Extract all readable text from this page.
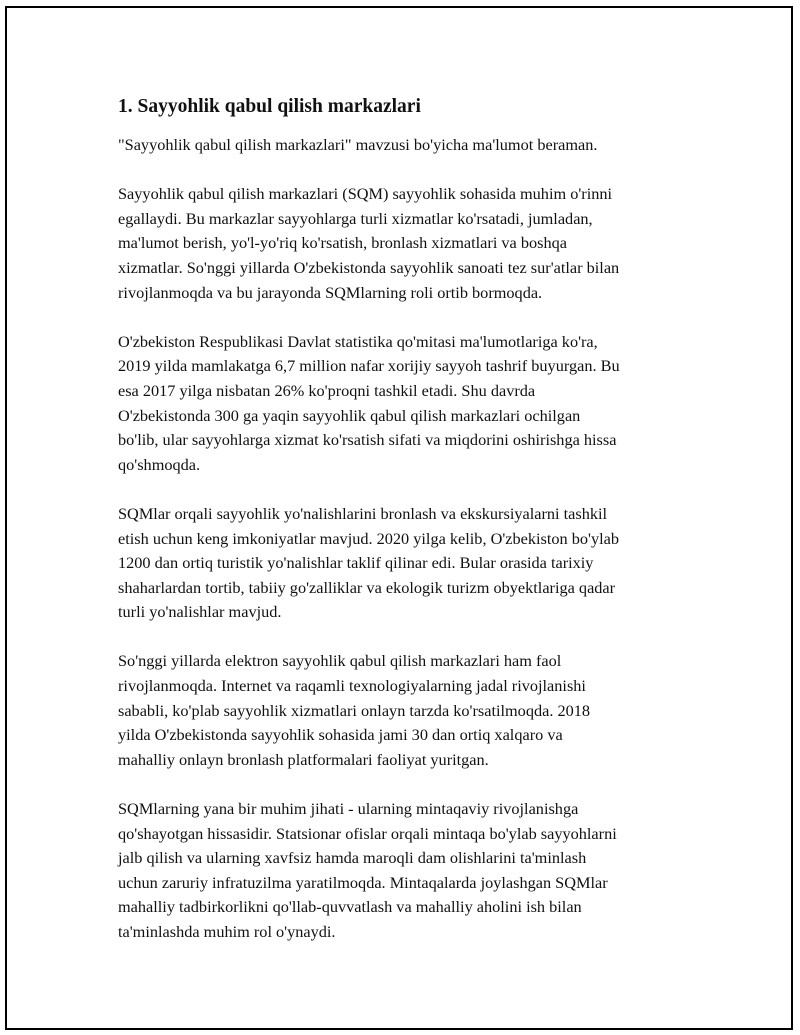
1. Sayyohlik qabul qilish markazlari

"Sayyohlik qabul qilish markazlari" mavzusi bo'yicha ma'lumot beraman.

Sayyohlik qabul qilish markazlari (SQM) sayyohlik sohasida muhim o'rinni
egallaydi. Bu markazlar sayyohlarga turli xizmatlar ko'rsatadi, jumladan,
ma'lumot berish, yo'l-yo'riq ko'rsatish, bronlash xizmatlari va boshqa
xizmatlar. So'nggi yillarda O'zbekistonda sayyohlik sanoati tez sur'atlar bilan
rivojlanmoqda va bu jarayonda SQMlarning roli ortib bormoqda.

O'zbekiston Respublikasi Davlat statistika qo'mitasi ma'lumotlariga ko'ra,
2019 yilda mamlakatga 6,7 million nafar xorijiy sayyoh tashrif buyurgan. Bu
esa 2017 yilga nisbatan 26% ko'proqni tashkil etadi. Shu davrda
O'zbekistonda 300 ga yaqin sayyohlik qabul qilish markazlari ochilgan
bo'lib, ular sayyohlarga xizmat ko'rsatish sifati va miqdorini oshirishga hissa
qo'shmoqda.

SQMlar orqali sayyohlik yo'nalishlarini bronlash va ekskursiyalarni tashkil
etish uchun keng imkoniyatlar mavjud. 2020 yilga kelib, O'zbekiston bo'ylab
1200 dan ortiq turistik yo'nalishlar taklif qilinar edi. Bular orasida tarixiy
shaharlardan tortib, tabiiy go'zalliklar va ekologik turizm obyektlariga qadar
turli yo'nalishlar mavjud.

So'nggi yillarda elektron sayyohlik qabul qilish markazlari ham faol
rivojlanmoqda. Internet va raqamli texnologiyalarning jadal rivojlanishi
sababli, ko'plab sayyohlik xizmatlari onlayn tarzda ko'rsatilmoqda. 2018
yilda O'zbekistonda sayyohlik sohasida jami 30 dan ortiq xalqaro va
mahalliy onlayn bronlash platformalari faoliyat yuritgan.

SQMlarning yana bir muhim jihati - ularning mintaqaviy rivojlanishga
qo'shayotgan hissasidir. Statsionar ofislar orqali mintaqa bo'ylab sayyohlarni
jalb qilish va ularning xavfsiz hamda maroqli dam olishlarini ta'minlash
uchun zaruriy infratuzilma yaratilmoqda. Mintaqalarda joylashgan SQMlar
mahalliy tadbirkorlikni qo'llab-quvvatlash va mahalliy aholini ish bilan
ta'minlashda muhim rol o'ynaydi.
